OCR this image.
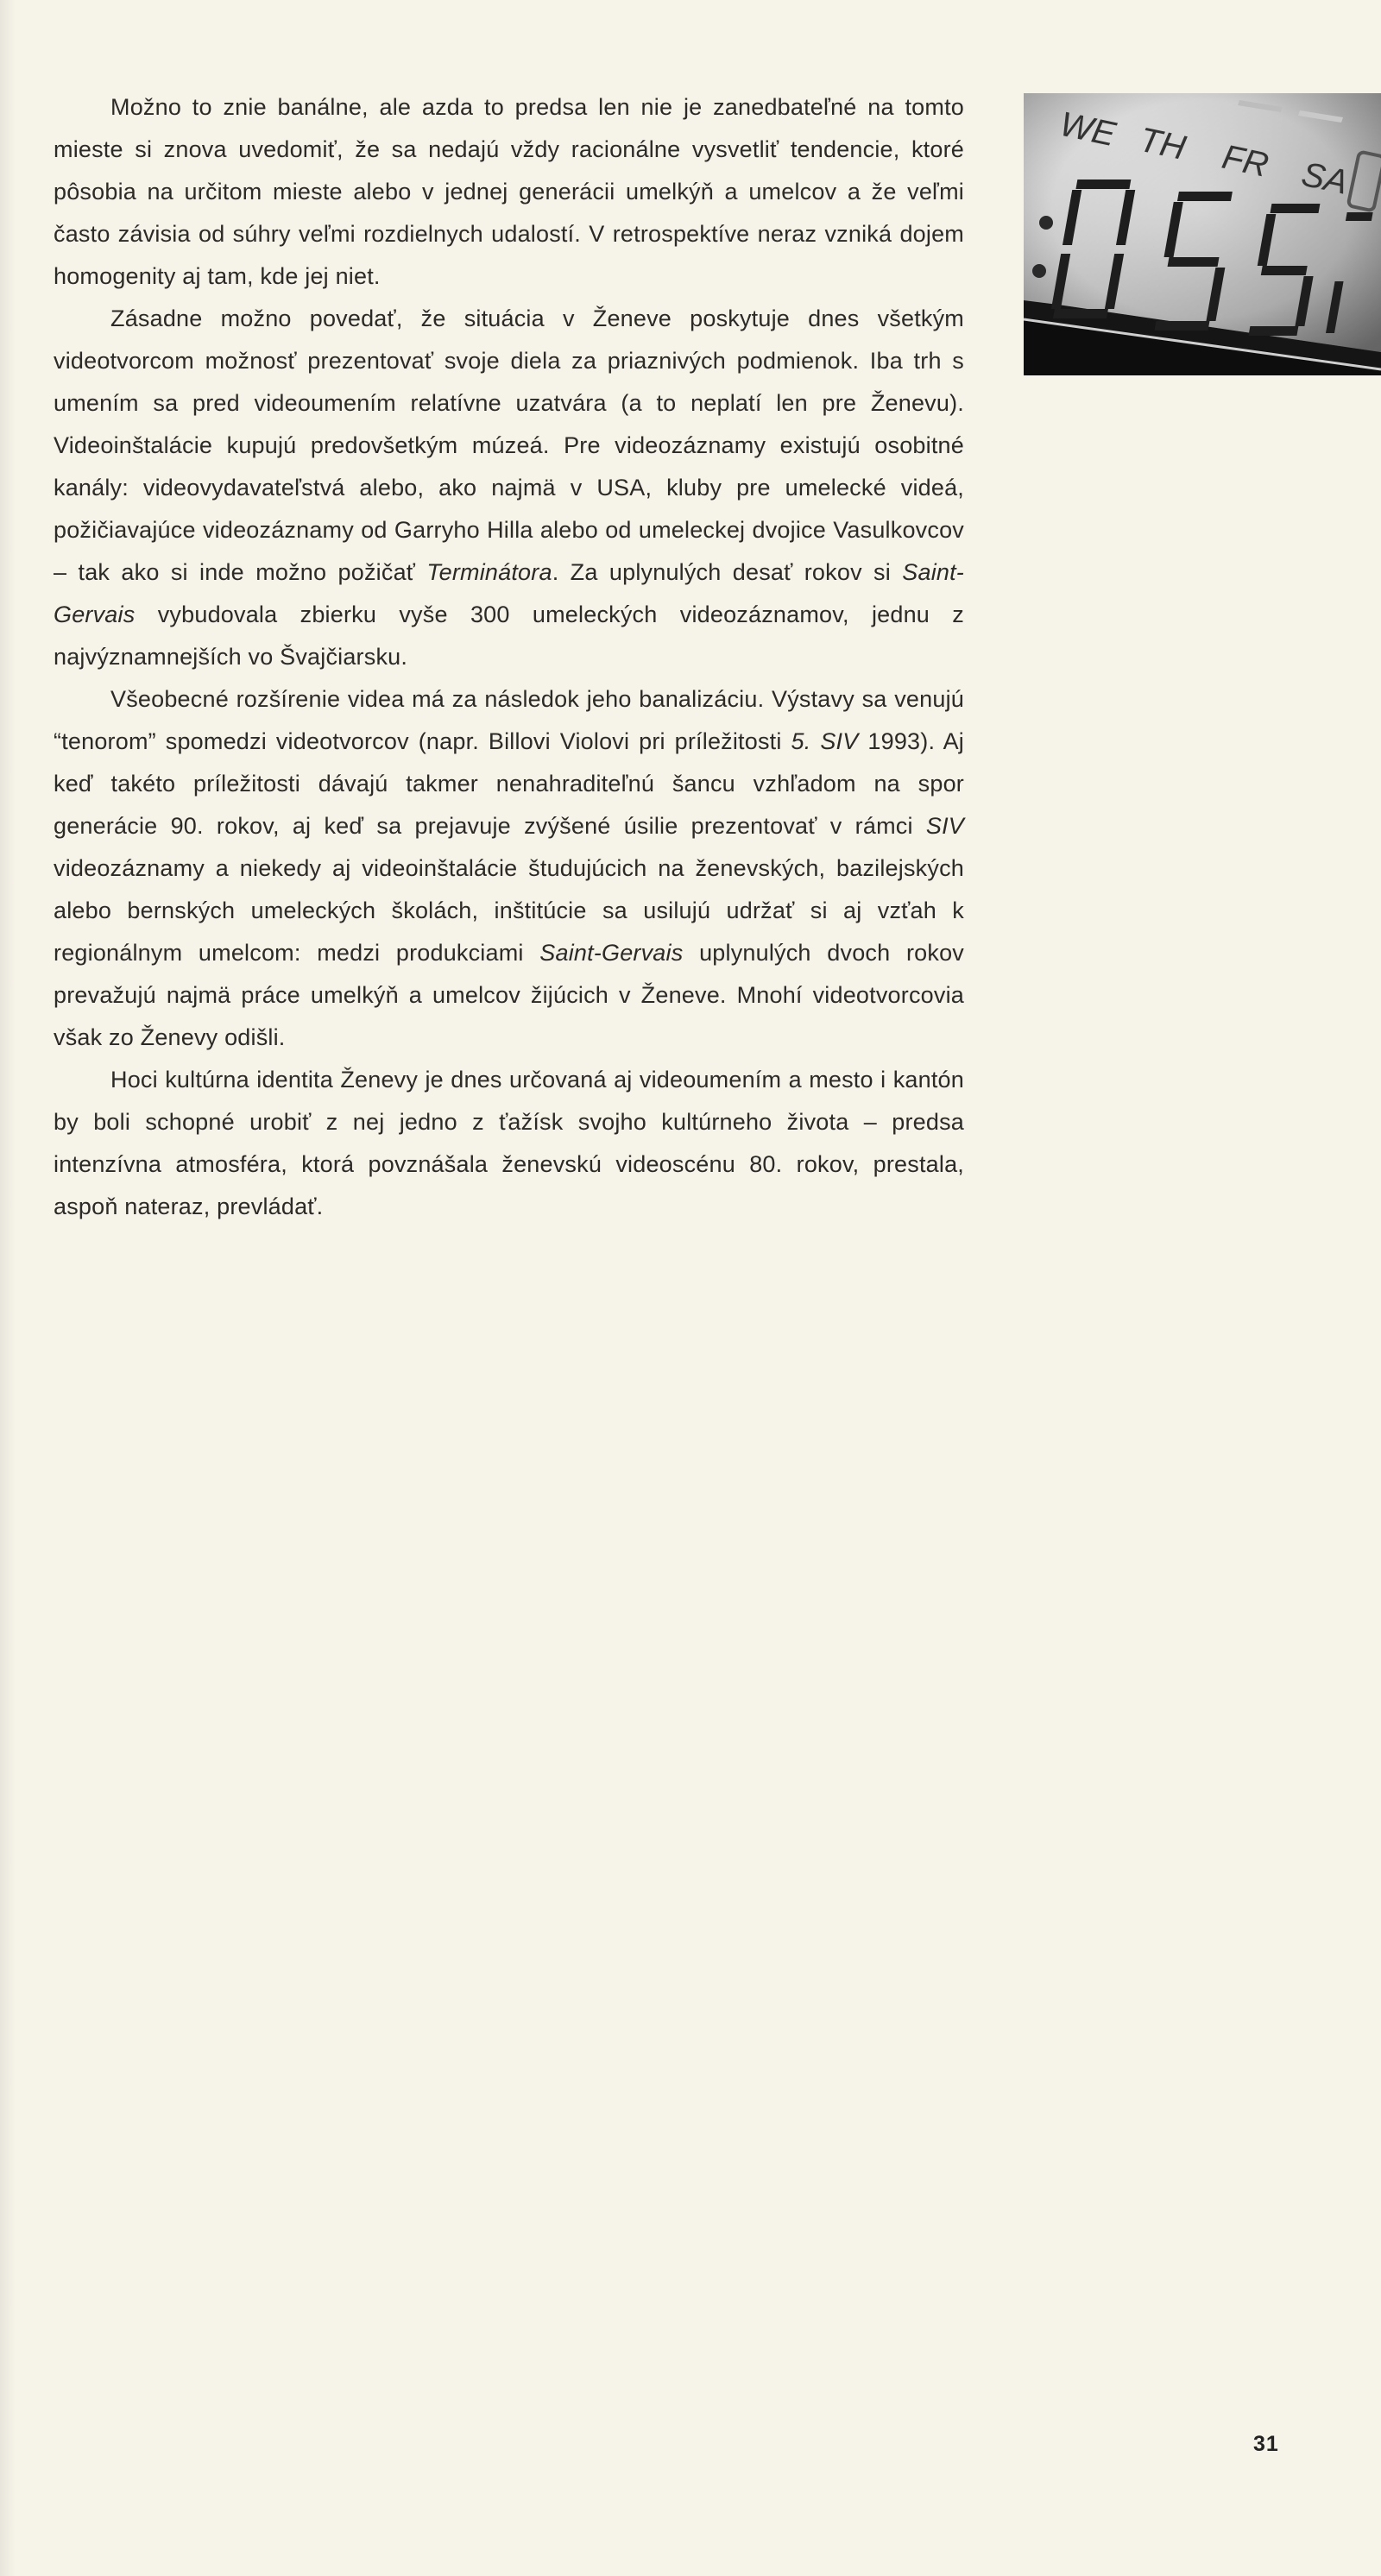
Možno to znie banálne, ale azda to predsa len nie je zanedbateľné na tomto mieste si znova uvedomiť, že sa nedajú vždy racionálne vysvetliť tendencie, ktoré pôsobia na určitom mieste alebo v jednej generácii umelkýň a umelcov a že veľmi často závisia od súhry veľmi rozdielnych udalostí. V retrospektíve neraz vzniká dojem homogenity aj tam, kde jej niet.

Zásadne možno povedať, že situácia v Ženeve poskytuje dnes všetkým videotvorcom možnosť prezentovať svoje diela za priaznivých podmienok. Iba trh s umením sa pred videoumením relatívne uzatvára (a to neplatí len pre Ženevu). Videoinštalácie kupujú predovšetkým múzeá. Pre videozáznamy existujú osobitné kanály: videovydavateľstvá alebo, ako najmä v USA, kluby pre umelecké videá, požičiavajúce videozáznamy od Garryho Hilla alebo od umeleckej dvojice Vasulkovcov – tak ako si inde možno požičať Terminátora. Za uplynulých desať rokov si Saint-Gervais vybudovala zbierku vyše 300 umeleckých videozáznamov, jednu z najvýznamnejších vo Švajčiarsku.

Všeobecné rozšírenie videa má za následok jeho banalizáciu. Výstavy sa venujú “tenorom” spomedzi videotvorcov (napr. Billovi Violovi pri príležitosti 5. SIV 1993). Aj keď takéto príležitosti dávajú takmer nenahraditeľnú šancu vzhľadom na spor generácie 90. rokov, aj keď sa prejavuje zvýšené úsilie prezentovať v rámci SIV videozáznamy a niekedy aj videoinštalácie študujúcich na ženevských, bazilejských alebo bernských umeleckých školách, inštitúcie sa usilujú udržať si aj vzťah k regionálnym umelcom: medzi produkciami Saint-Gervais uplynulých dvoch rokov prevažujú najmä práce umelkýň a umelcov žijúcich v Ženeve. Mnohí videotvorcovia však zo Ženevy odišli.

Hoci kultúrna identita Ženevy je dnes určovaná aj videoumením a mesto i kantón by boli schopné urobiť z nej jedno z ťažísk svojho kultúrneho života – predsa intenzívna atmosféra, ktorá povznášala ženevskú videoscénu 80. rokov, prestala, aspoň nateraz, prevládať.

WE TH FR SA
31
